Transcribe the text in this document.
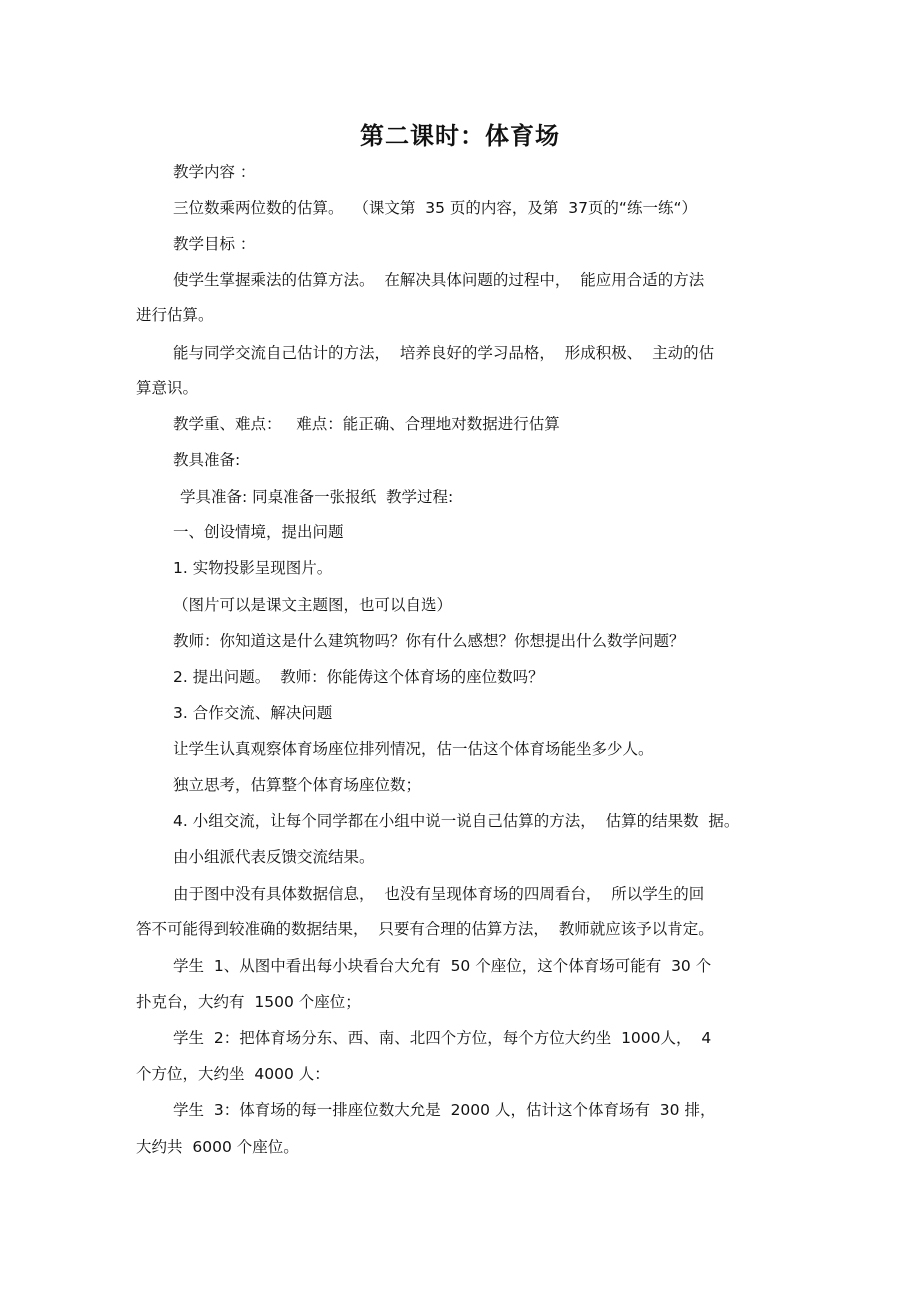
第二课时：体育场
教学内容 ：
三位数乘两位数的估算。  （课文第  35 页的内容，及第  37页的“练一练“）
教学目标 ：
使学生掌握乘法的估算方法。  在解决具体问题的过程中，  能应用合适的方法
进行估算。
能与同学交流自己估计的方法，  培养良好的学习品格，  形成积极、  主动的估
算意识。
教学重、难点：   难点：能正确、合理地对数据进行估算
教具准备:
学具准备: 同桌准备一张报纸  教学过程:
一、创设情境，提出问题
1. 实物投影呈现图片。
（图片可以是课文主题图，也可以自选）
教师：你知道这是什么建筑物吗？你有什么感想？你想提出什么数学问题？
2. 提出问题。  教师：你能俦这个体育场的座位数吗？
3. 合作交流、解决问题
让学生认真观察体育场座位排列情况，估一估这个体育场能坐多少人。
独立思考，估算整个体育场座位数；
4. 小组交流，让每个同学都在小组中说一说自己估算的方法，  估算的结果数  据。
由小组派代表反馈交流结果。
由于图中没有具体数据信息，  也没有呈现体育场的四周看台，  所以学生的回
答不可能得到较准确的数据结果，  只要有合理的估算方法，  教师就应该予以肯定。
学生  1、从图中看出每小块看台大允有  50 个座位，这个体育场可能有  30 个
扑克台，大约有  1500 个座位；
学生  2：把体育场分东、西、南、北四个方位，每个方位大约坐  1000人，  4
个方位，大约坐  4000 人：
学生  3：体育场的每一排座位数大允是  2000 人，估计这个体育场有  30 排，
大约共  6000 个座位。
